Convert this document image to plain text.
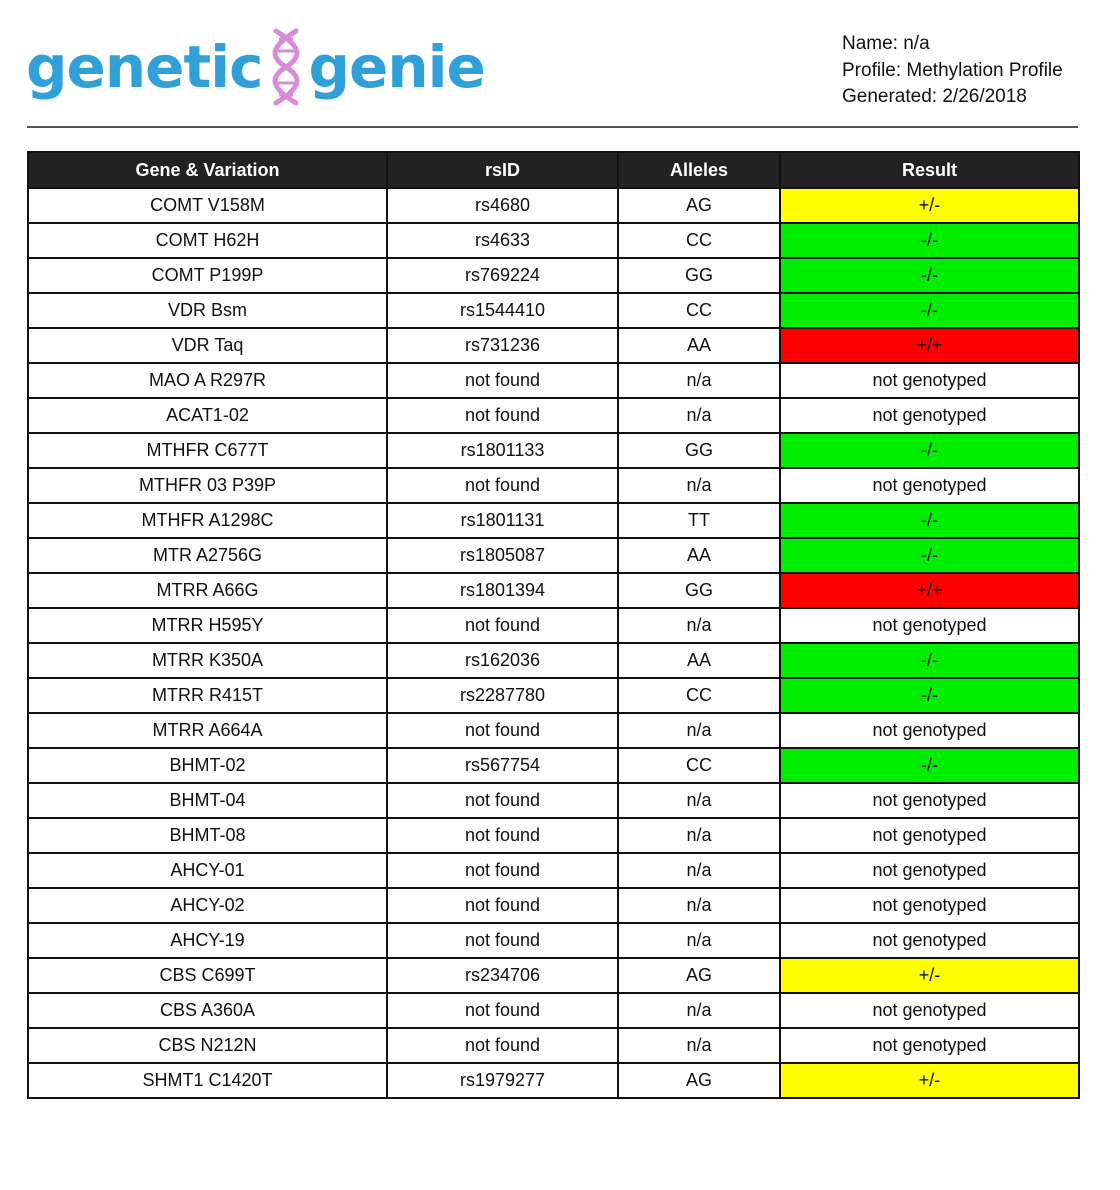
genetic genie	Name: n/a
Profile: Methylation Profile
Generated: 2/26/2018
Gene & Variation	rsID	Alleles	Result
COMT V158M	rs4680	AG	+/-
COMT H62H	rs4633	CC	-/-
COMT P199P	rs769224	GG	-/-
VDR Bsm	rs1544410	CC	-/-
VDR Taq	rs731236	AA	+/+
MAO A R297R	not found	n/a	not genotyped
ACAT1-02	not found	n/a	not genotyped
MTHFR C677T	rs1801133	GG	-/-
MTHFR 03 P39P	not found	n/a	not genotyped
MTHFR A1298C	rs1801131	TT	-/-
MTR A2756G	rs1805087	AA	-/-
MTRR A66G	rs1801394	GG	+/+
MTRR H595Y	not found	n/a	not genotyped
MTRR K350A	rs162036	AA	-/-
MTRR R415T	rs2287780	CC	-/-
MTRR A664A	not found	n/a	not genotyped
BHMT-02	rs567754	CC	-/-
BHMT-04	not found	n/a	not genotyped
BHMT-08	not found	n/a	not genotyped
AHCY-01	not found	n/a	not genotyped
AHCY-02	not found	n/a	not genotyped
AHCY-19	not found	n/a	not genotyped
CBS C699T	rs234706	AG	+/-
CBS A360A	not found	n/a	not genotyped
CBS N212N	not found	n/a	not genotyped
SHMT1 C1420T	rs1979277	AG	+/-
